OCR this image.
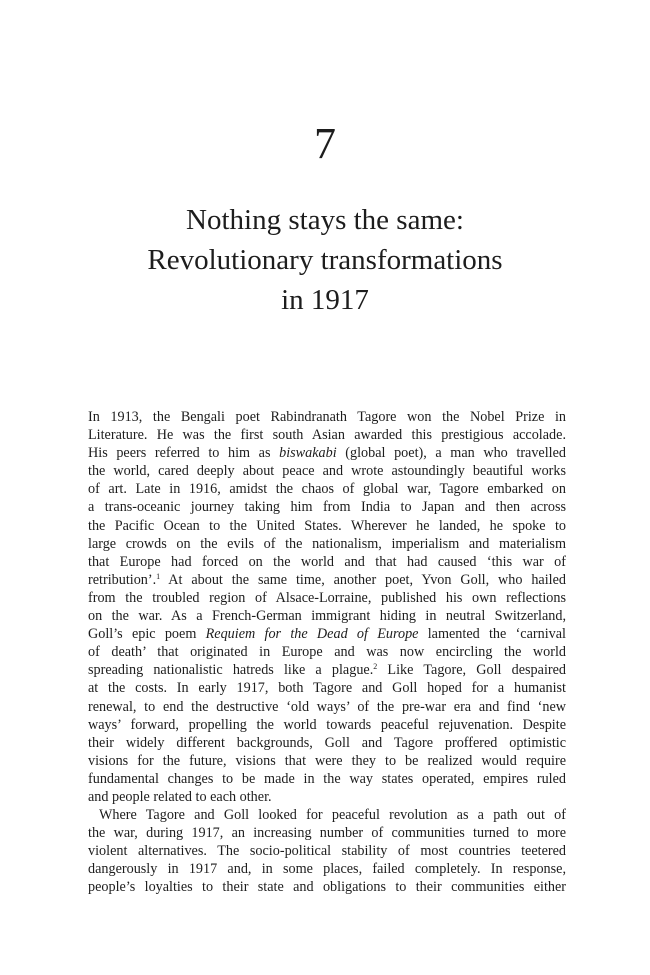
7
Nothing stays the same:
Revolutionary transformations
in 1917
In 1913, the Bengali poet Rabindranath Tagore won the Nobel Prize in
Literature. He was the first south Asian awarded this prestigious accolade.
His peers referred to him as biswakabi (global poet), a man who travelled
the world, cared deeply about peace and wrote astoundingly beautiful works
of art. Late in 1916, amidst the chaos of global war, Tagore embarked on
a trans-oceanic journey taking him from India to Japan and then across
the Pacific Ocean to the United States. Wherever he landed, he spoke to
large crowds on the evils of the nationalism, imperialism and materialism
that Europe had forced on the world and that had caused ‘this war of
retribution’.$^1$ At about the same time, another poet, Yvon Goll, who hailed
from the troubled region of Alsace-Lorraine, published his own reflections
on the war. As a French-German immigrant hiding in neutral Switzerland,
Goll’s epic poem Requiem for the Dead of Europe lamented the ‘carnival
of death’ that originated in Europe and was now encircling the world
spreading nationalistic hatreds like a plague.$^2$ Like Tagore, Goll despaired
at the costs. In early 1917, both Tagore and Goll hoped for a humanist
renewal, to end the destructive ‘old ways’ of the pre-war era and find ‘new
ways’ forward, propelling the world towards peaceful rejuvenation. Despite
their widely different backgrounds, Goll and Tagore proffered optimistic
visions for the future, visions that were they to be realized would require
fundamental changes to be made in the way states operated, empires ruled
and people related to each other.
Where Tagore and Goll looked for peaceful revolution as a path out of
the war, during 1917, an increasing number of communities turned to more
violent alternatives. The socio-political stability of most countries teetered
dangerously in 1917 and, in some places, failed completely. In response,
people’s loyalties to their state and obligations to their communities either
